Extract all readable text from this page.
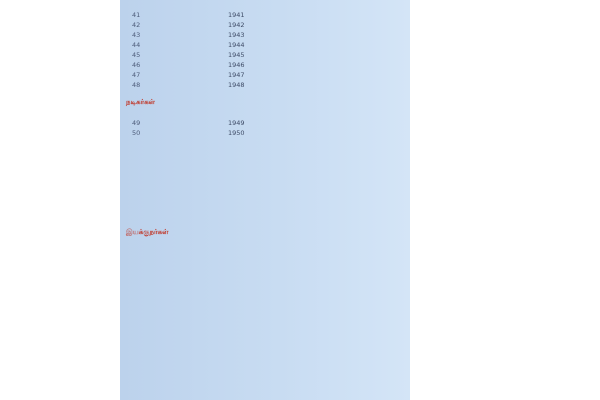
நடிகர்கள்
இயக்குநர்கள்
41	1941
42	1942
43	1943
44	1944
45	1945
46	1946
47	1947
48	1948
49	1949
50	1950
